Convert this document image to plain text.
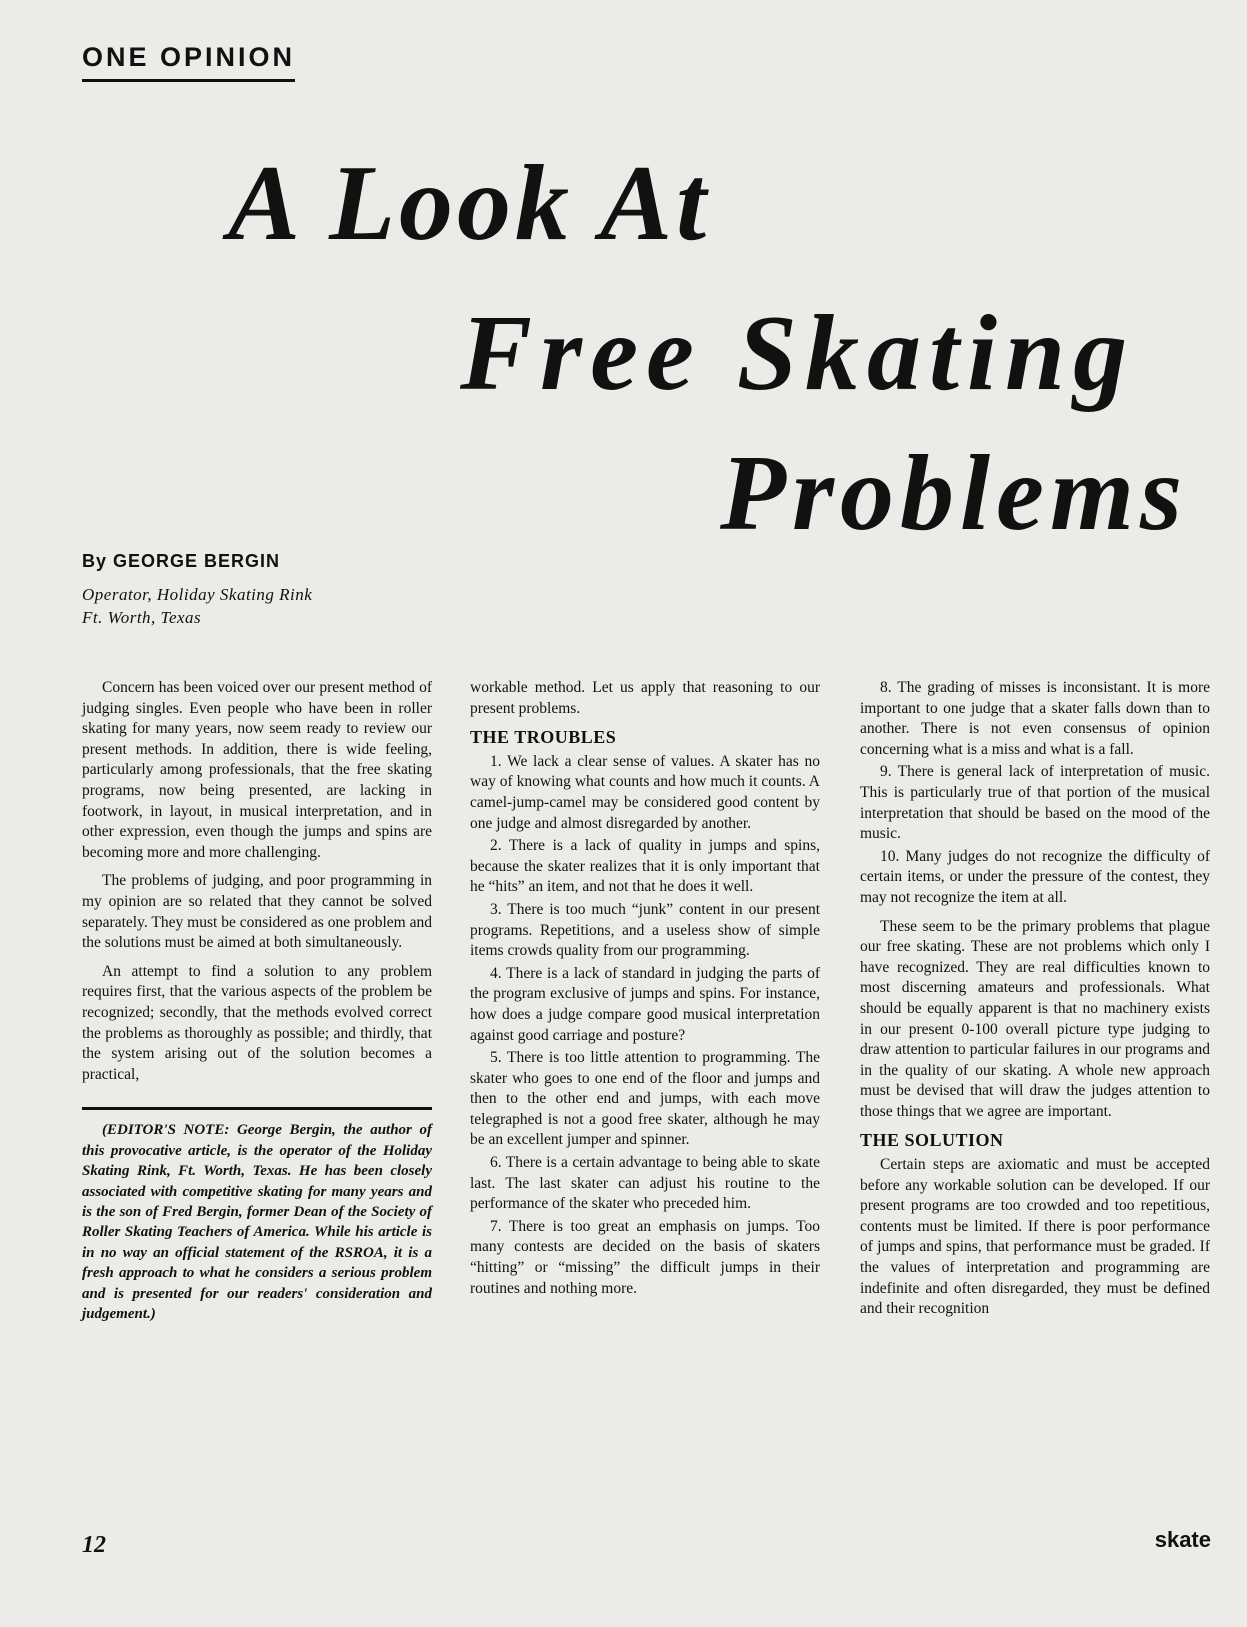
ONE OPINION
A Look At
Free Skating
Problems
By GEORGE BERGIN
Operator, Holiday Skating Rink
Ft. Worth, Texas

Concern has been voiced over our present method of judging singles. Even people who have been in roller skating for many years, now seem ready to review our present methods. In addition, there is wide feeling, particularly among professionals, that the free skating programs, now being presented, are lacking in footwork, in layout, in musical interpretation, and in other expression, even though the jumps and spins are becoming more and more challenging.

The problems of judging, and poor programming in my opinion are so related that they cannot be solved separately. They must be considered as one problem and the solutions must be aimed at both simultaneously.

An attempt to find a solution to any problem requires first, that the various aspects of the problem be recognized; secondly, that the methods evolved correct the problems as thoroughly as possible; and thirdly, that the system arising out of the solution becomes a practical,

(EDITOR'S NOTE: George Bergin, the author of this provocative article, is the operator of the Holiday Skating Rink, Ft. Worth, Texas. He has been closely associated with competitive skating for many years and is the son of Fred Bergin, former Dean of the Society of Roller Skating Teachers of America. While his article is in no way an official statement of the RSROA, it is a fresh approach to what he considers a serious problem and is presented for our readers' consideration and judgement.)

workable method. Let us apply that reasoning to our present problems.

THE TROUBLES

1. We lack a clear sense of values. A skater has no way of knowing what counts and how much it counts. A camel-jump-camel may be considered good content by one judge and almost disregarded by another.

2. There is a lack of quality in jumps and spins, because the skater realizes that it is only important that he “hits” an item, and not that he does it well.

3. There is too much “junk” content in our present programs. Repetitions, and a useless show of simple items crowds quality from our programming.

4. There is a lack of standard in judging the parts of the program exclusive of jumps and spins. For instance, how does a judge compare good musical interpretation against good carriage and posture?

5. There is too little attention to programming. The skater who goes to one end of the floor and jumps and then to the other end and jumps, with each move telegraphed is not a good free skater, although he may be an excellent jumper and spinner.

6. There is a certain advantage to being able to skate last. The last skater can adjust his routine to the performance of the skater who preceded him.

7. There is too great an emphasis on jumps. Too many contests are decided on the basis of skaters “hitting” or “missing” the difficult jumps in their routines and nothing more.

8. The grading of misses is inconsistant. It is more important to one judge that a skater falls down than to another. There is not even consensus of opinion concerning what is a miss and what is a fall.

9. There is general lack of interpretation of music. This is particularly true of that portion of the musical interpretation that should be based on the mood of the music.

10. Many judges do not recognize the difficulty of certain items, or under the pressure of the contest, they may not recognize the item at all.

These seem to be the primary problems that plague our free skating. These are not problems which only I have recognized. They are real difficulties known to most discerning amateurs and professionals. What should be equally apparent is that no machinery exists in our present 0-100 overall picture type judging to draw attention to particular failures in our programs and in the quality of our skating. A whole new approach must be devised that will draw the judges attention to those things that we agree are important.

THE SOLUTION

Certain steps are axiomatic and must be accepted before any workable solution can be developed. If our present programs are too crowded and too repetitious, contents must be limited. If there is poor performance of jumps and spins, that performance must be graded. If the values of interpretation and programming are indefinite and often disregarded, they must be defined and their recognition

12	skate
